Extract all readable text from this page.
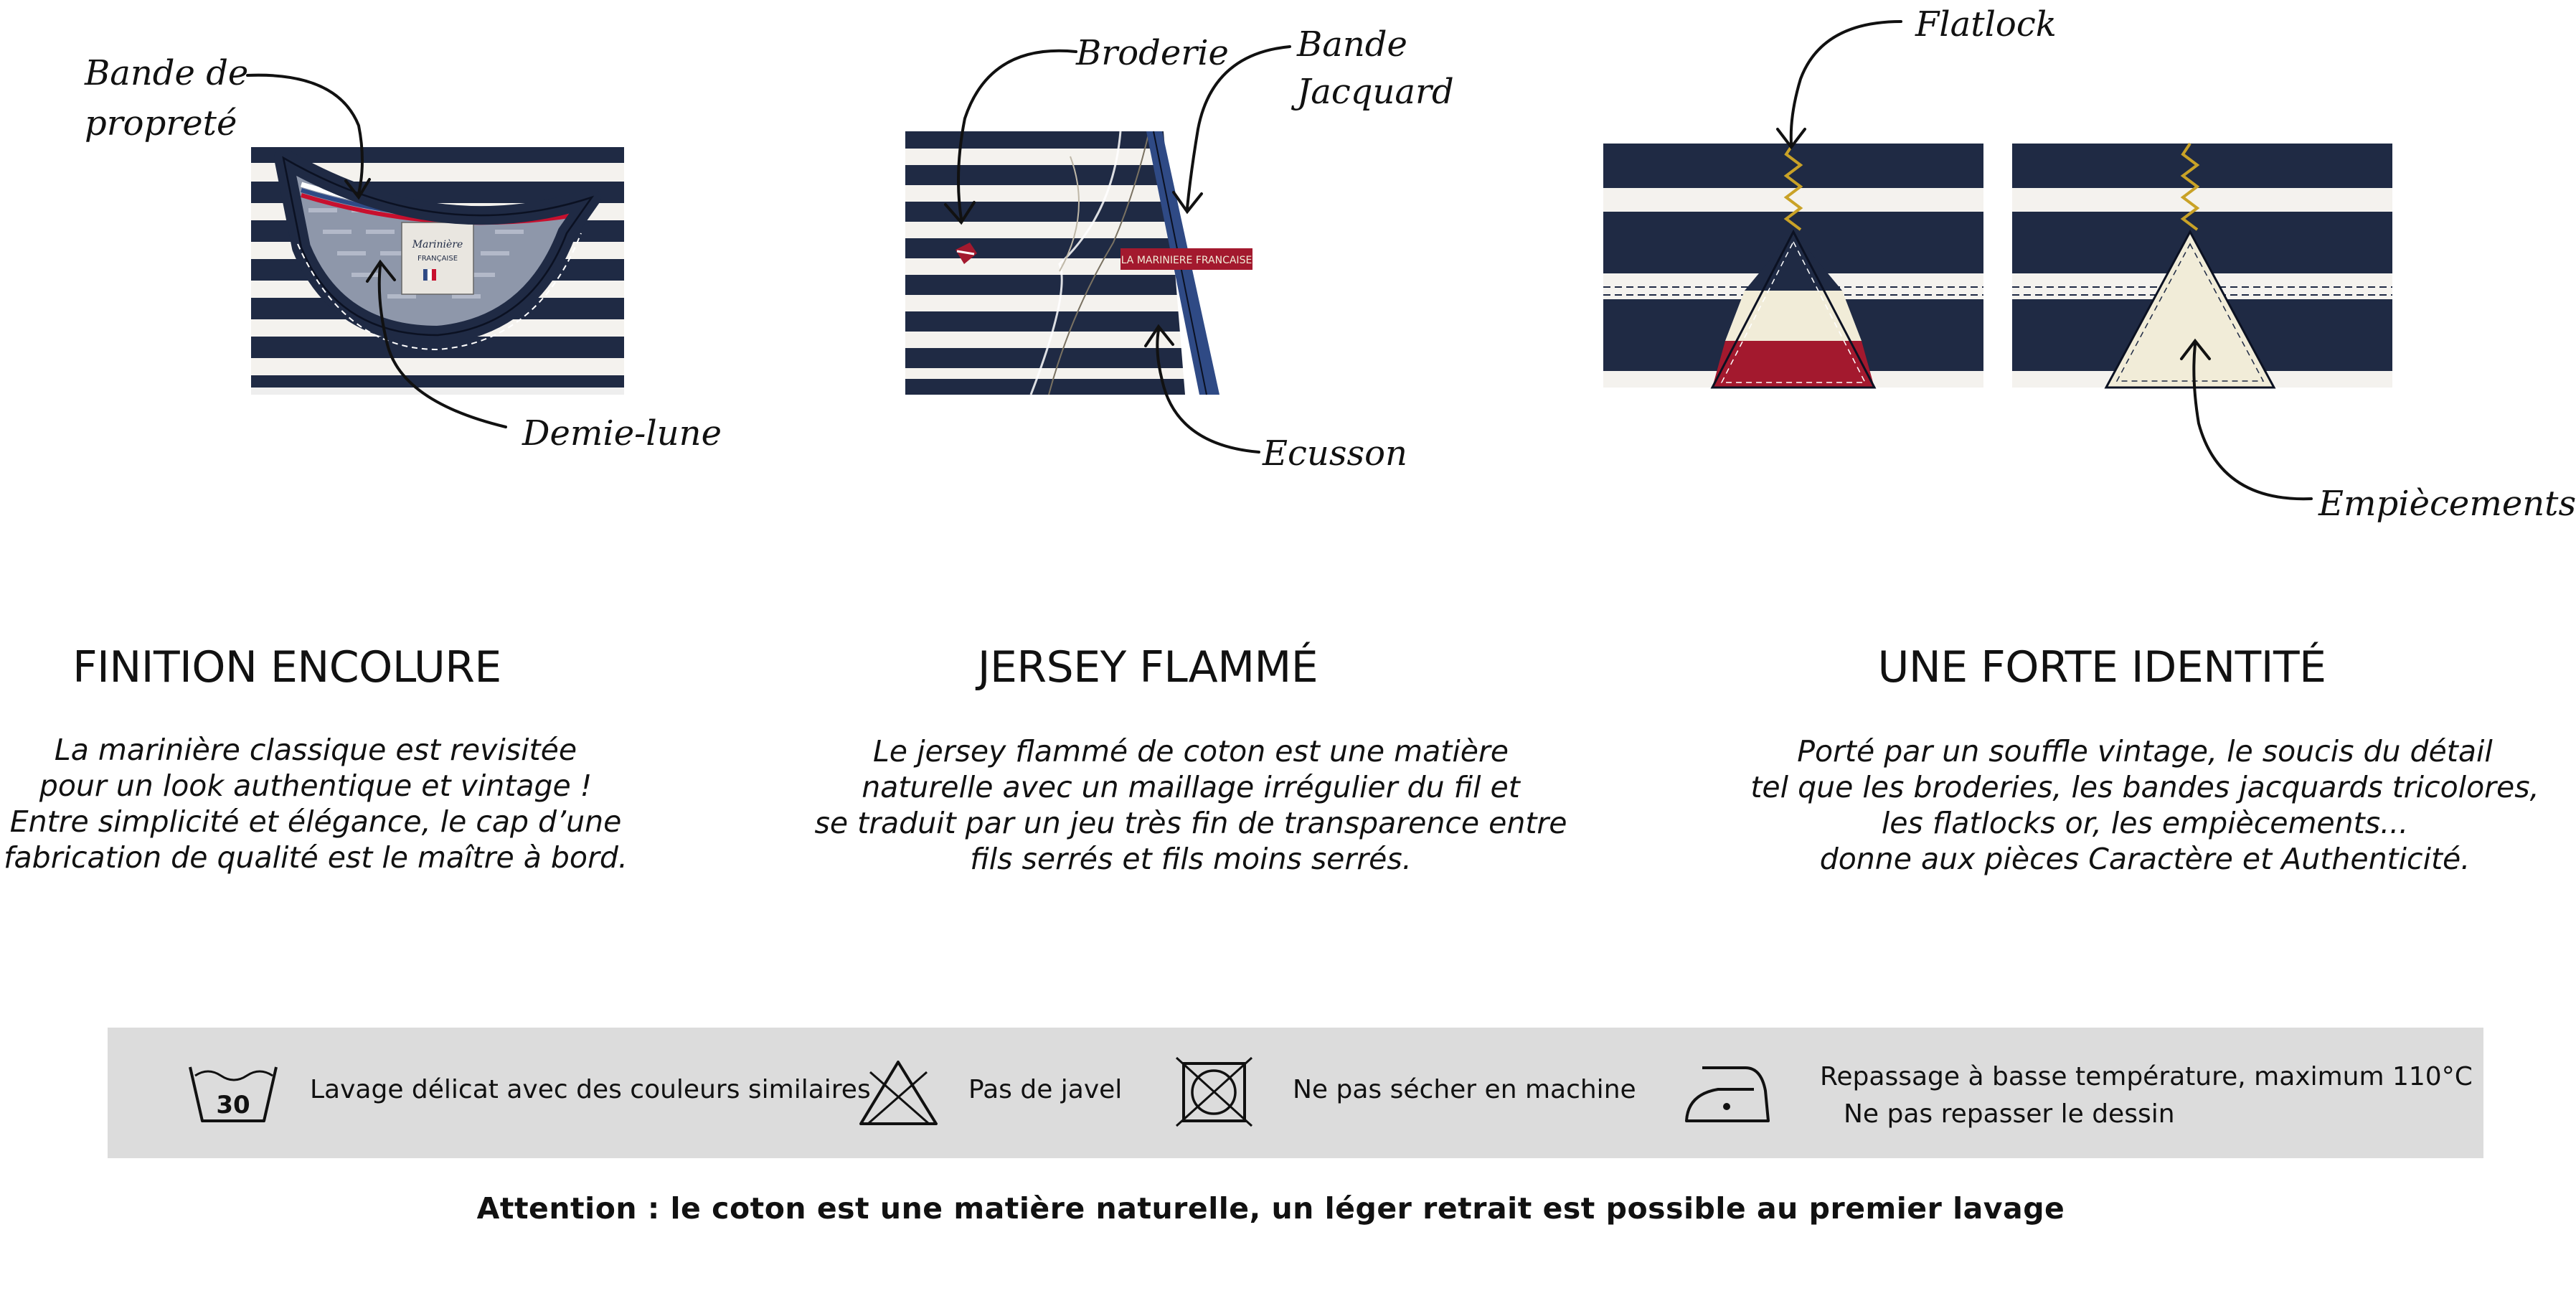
Marinière
FRANÇAISE	LA MARINIERE FRANCAISE
Bande de
propreté
Demie-lune
Broderie Bande
Jacquard
Ecusson
Flatlock
Empiècements
FINITION ENCOLURE	JERSEY FLAMMÉ	UNE FORTE IDENTITÉ
La marinière classique est revisitée
pour un look authentique et vintage !
Entre simplicité et élégance, le cap d’une
fabrication de qualité est le maître à bord.
Le jersey flammé de coton est une matière
naturelle avec un maillage irrégulier du fil et
se traduit par un jeu très fin de transparence entre
fils serrés et fils moins serrés.
Porté par un souffle vintage, le soucis du détail
tel que les broderies, les bandes jacquards tricolores,
les flatlocks or, les empiècements...
donne aux pièces Caractère et Authenticité.
30
Lavage délicat avec des couleurs similaires	Pas de javel	Ne pas sécher en machine	Repassage à basse température, maximum 110°C
Ne pas repasser le dessin
Attention : le coton est une matière naturelle, un léger retrait est possible au premier lavage
